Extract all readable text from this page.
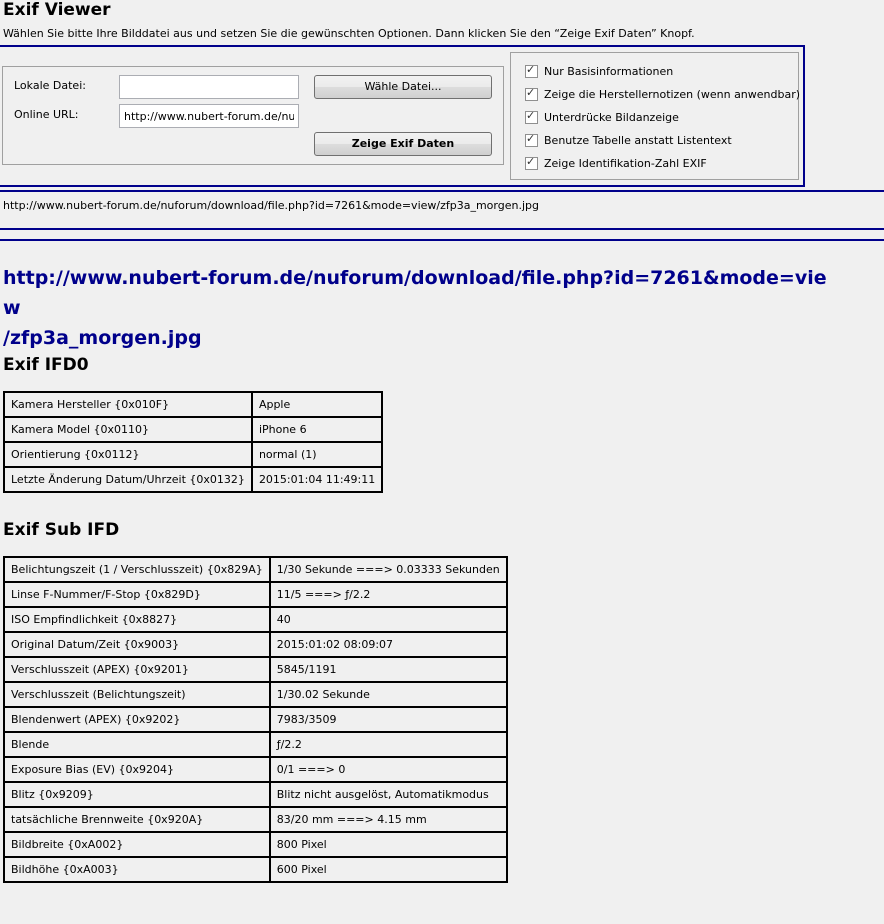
Exif Viewer
Wählen Sie bitte Ihre Bilddatei aus und setzen Sie die gewünschten Optionen. Dann klicken Sie den “Zeige Exif Daten” Knopf.
Lokale Datei:
Online URL:
http://www.nubert-forum.de/nu
Wähle Datei...
Zeige Exif Daten
✓ Nur Basisinformationen
✓ Zeige die Herstellernotizen (wenn anwendbar)
✓ Unterdrücke Bildanzeige
✓ Benutze Tabelle anstatt Listentext
✓ Zeige Identifikation-Zahl EXIF
http://www.nubert-forum.de/nuforum/download/file.php?id=7261&mode=view/zfp3a_morgen.jpg
http://www.nubert-forum.de/nuforum/download/file.php?id=7261&mode=view
/zfp3a_morgen.jpg
Exif IFD0
Kamera Hersteller {0x010F}	Apple
Kamera Model {0x0110}	iPhone 6
Orientierung {0x0112}	normal (1)
Letzte Änderung Datum/Uhrzeit {0x0132}	2015:01:04 11:49:11
Exif Sub IFD
Belichtungszeit (1 / Verschlusszeit) {0x829A}	1/30 Sekunde ===> 0.03333 Sekunden
Linse F-Nummer/F-Stop {0x829D}	11/5 ===> ƒ/2.2
ISO Empfindlichkeit {0x8827}	40
Original Datum/Zeit {0x9003}	2015:01:02 08:09:07
Verschlusszeit (APEX) {0x9201}	5845/1191
Verschlusszeit (Belichtungszeit)	1/30.02 Sekunde
Blendenwert (APEX) {0x9202}	7983/3509
Blende	ƒ/2.2
Exposure Bias (EV) {0x9204}	0/1 ===> 0
Blitz {0x9209}	Blitz nicht ausgelöst, Automatikmodus
tatsächliche Brennweite {0x920A}	83/20 mm ===> 4.15 mm
Bildbreite {0xA002}	800 Pixel
Bildhöhe {0xA003}	600 Pixel
